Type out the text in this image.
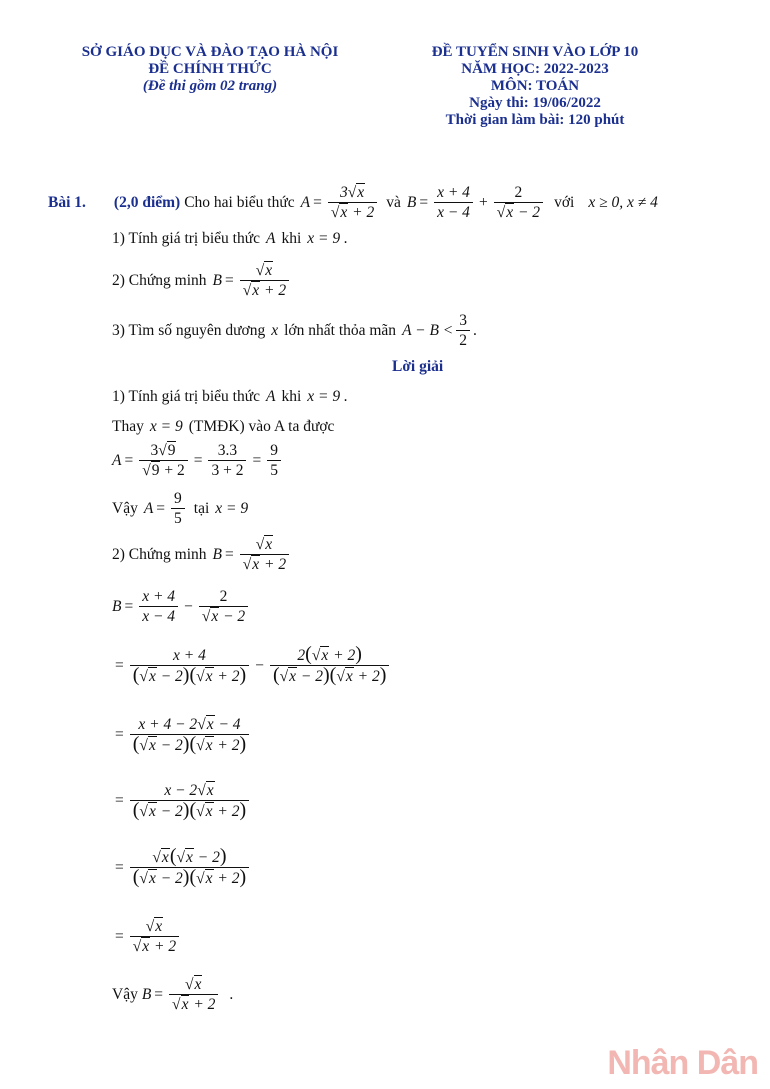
SỞ GIÁO DỤC VÀ ĐÀO TẠO HÀ NỘI
ĐỀ CHÍNH THỨC
(Đề thi gồm 02 trang)
ĐỀ TUYỂN SINH VÀO LỚP 10
NĂM HỌC: 2022-2023
MÔN: TOÁN
Ngày thi: 19/06/2022
Thời gian làm bài: 120 phút
Bài 1. (2,0 điểm) Cho hai biểu thức $A = \frac{3√x}{√x + 2}$ và $B = \frac{x + 4}{x - 4} + \frac{2}{√x - 2}$ với x ≥ 0, x ≠ 4
1) Tính giá trị biểu thức A khi x = 9 .
2) Chứng minh $B = \frac{√x}{√x + 2}$
3) Tìm số nguyên dương x lớn nhất thỏa mãn $A - B < \frac{3}{2}$ .
Lời giải
1) Tính giá trị biểu thức A khi x = 9 .
Thay x = 9 (TMĐK) vào A ta được
$A = \frac{3√9}{√9 + 2} = \frac{3.3}{3 + 2} = \frac{9}{5}$
Vậy $A = \frac{9}{5}$ tại x = 9
2) Chứng minh $B = \frac{√x}{√x + 2}$
$B = \frac{x + 4}{x - 4} - \frac{2}{√x - 2}$
= $\frac{x + 4}{(√x - 2)(√x + 2)} - \frac{2(√x + 2)}{(√x - 2)(√x + 2)}$
= $\frac{x + 4 - 2√x - 4}{(√x - 2)(√x + 2)}$
= $\frac{x - 2√x}{(√x - 2)(√x + 2)}$
= $\frac{√x(√x - 2)}{(√x - 2)(√x + 2)}$
= $\frac{√x}{√x + 2}$
Vậy $B = \frac{√x}{√x + 2}$ .
Nhân Dân
